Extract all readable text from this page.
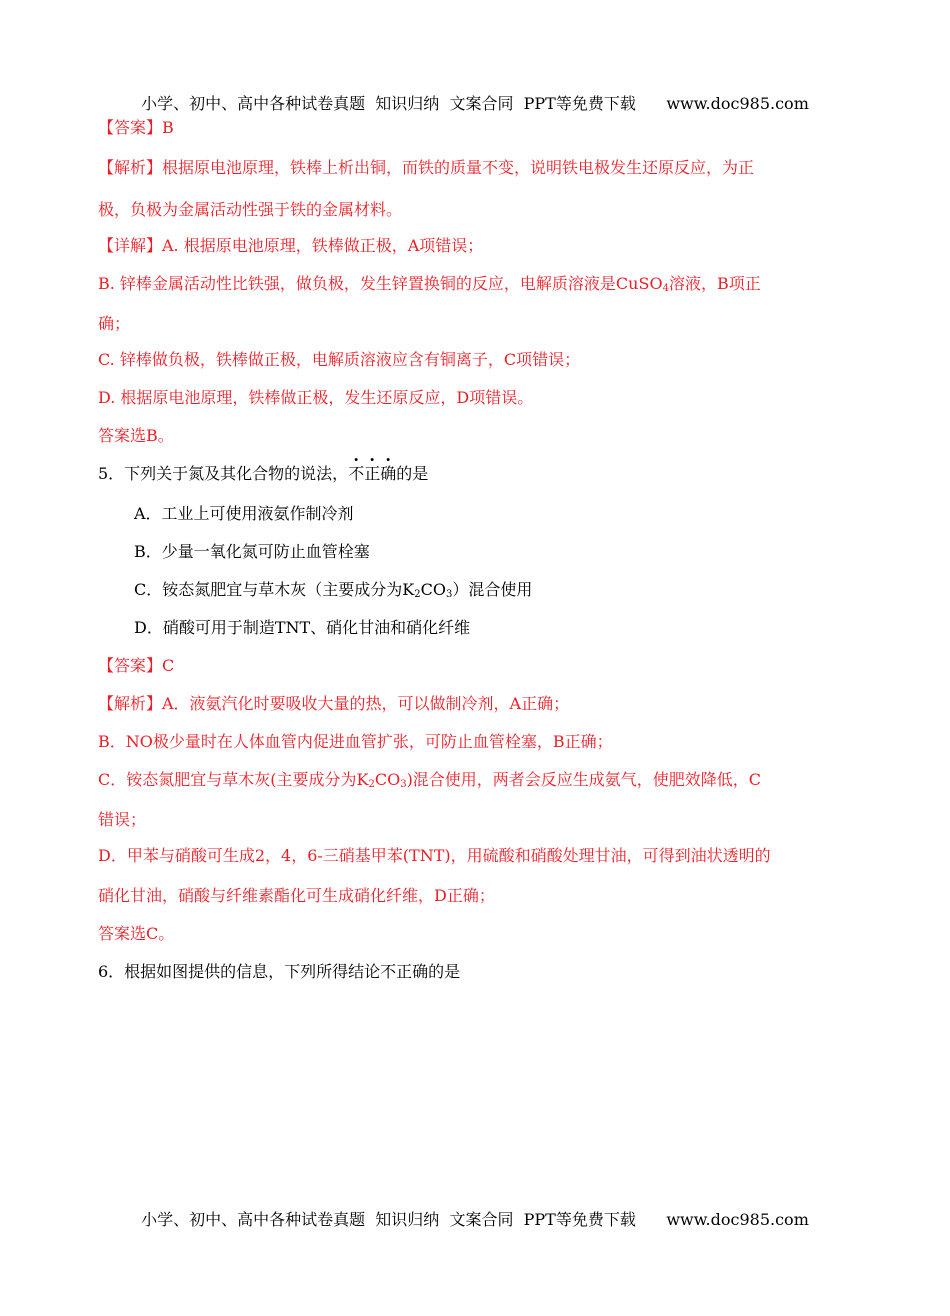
小学、初中、高中各种试卷真题  知识归纳  文案合同  PPT等免费下载      www.doc985.com
【答案】B
【解析】根据原电池原理，铁棒上析出铜，而铁的质量不变，说明铁电极发生还原反应，为正
极，负极为金属活动性强于铁的金属材料。
【详解】A. 根据原电池原理，铁棒做正极，A项错误；
B. 锌棒金属活动性比铁强，做负极，发生锌置换铜的反应，电解质溶液是CuSO$_4$溶液，B项正
确；
C. 锌棒做负极，铁棒做正极，电解质溶液应含有铜离子，C项错误；
D. 根据原电池原理，铁棒做正极，发生还原反应，D项错误。
答案选B。
5．下列关于氮及其化合物的说法，不正确的是
A．工业上可使用液氨作制冷剂
B．少量一氧化氮可防止血管栓塞
C．铵态氮肥宜与草木灰（主要成分为$K_2CO_3$）混合使用
D．硝酸可用于制造TNT、硝化甘油和硝化纤维
【答案】C
【解析】A．液氨汽化时要吸收大量的热，可以做制冷剂，A正确；
B．NO极少量时在人体血管内促进血管扩张，可防止血管栓塞，B正确；
C．铵态氮肥宜与草木灰(主要成分为$K_2CO_3$)混合使用，两者会反应生成氨气，使肥效降低，C
错误；
D．甲苯与硝酸可生成2，4，6-三硝基甲苯(TNT)，用硫酸和硝酸处理甘油，可得到油状透明的
硝化甘油，硝酸与纤维素酯化可生成硝化纤维，D正确；
答案选C。
6．根据如图提供的信息，下列所得结论不正确的是
小学、初中、高中各种试卷真题  知识归纳  文案合同  PPT等免费下载      www.doc985.com
